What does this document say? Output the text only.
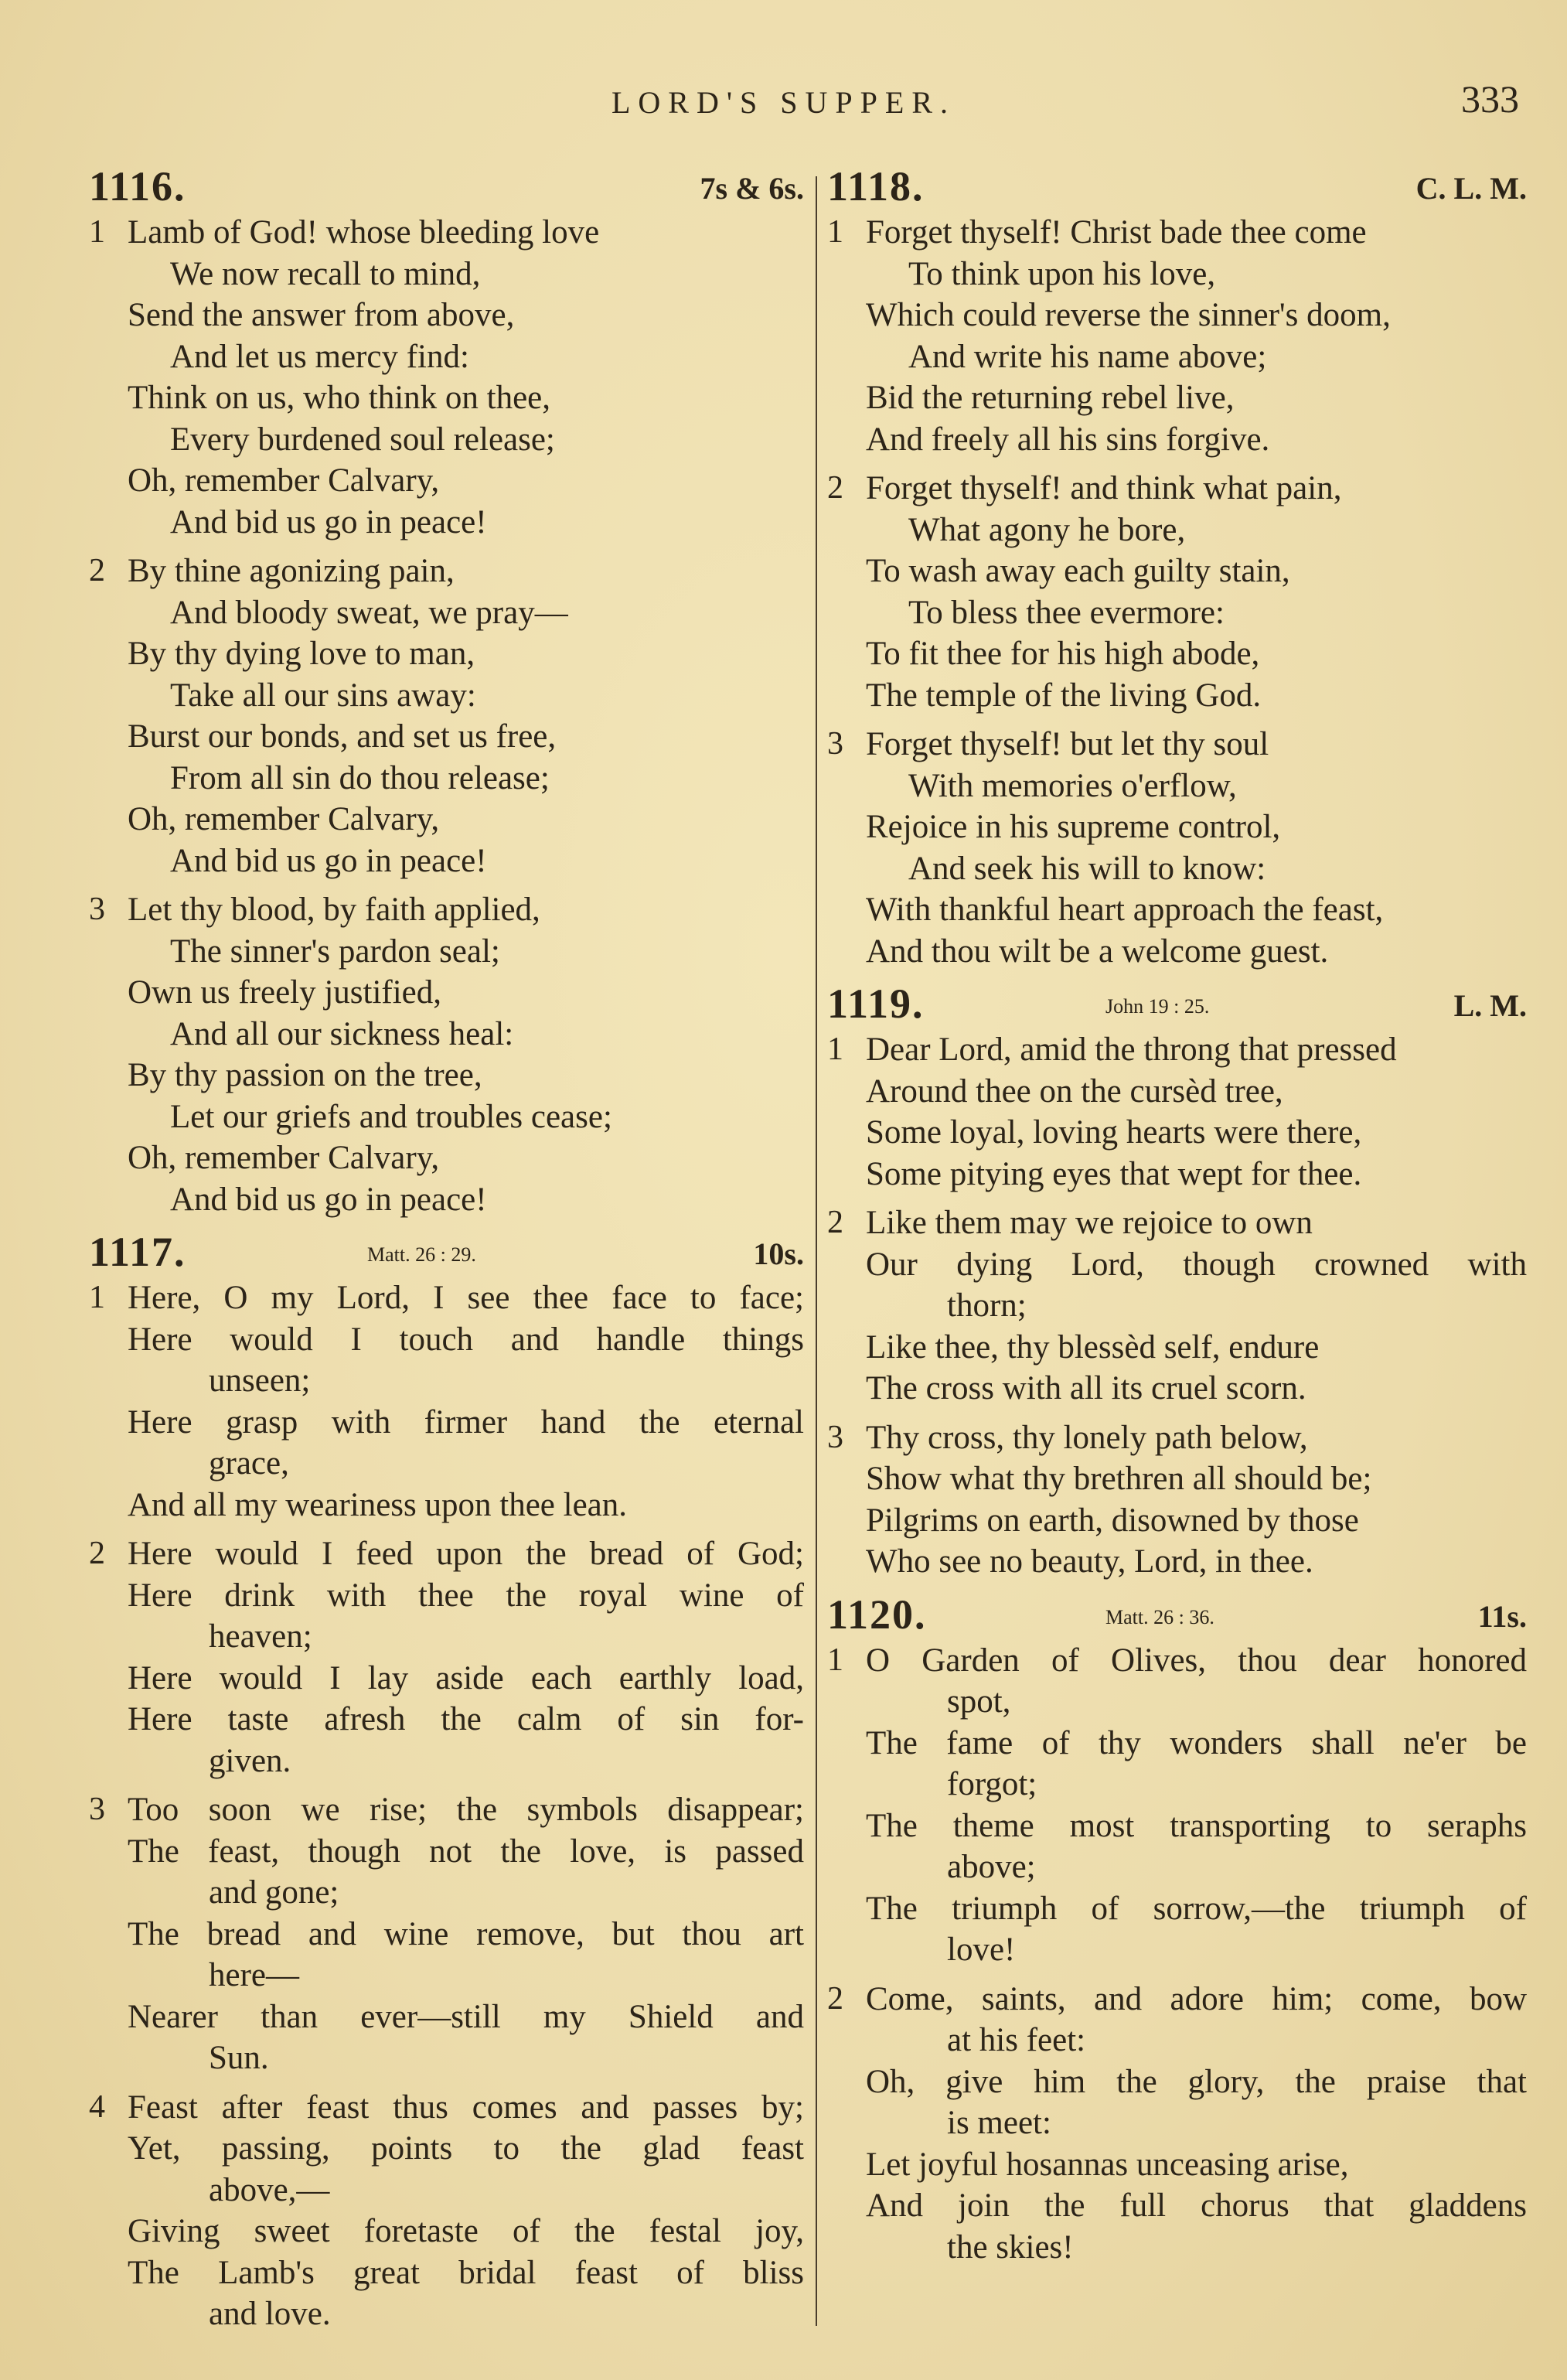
LORD'S SUPPER.	333
1116.	7s & 6s.
1 Lamb of God! whose bleeding love
We now recall to mind,
Send the answer from above,
And let us mercy find:
Think on us, who think on thee,
Every burdened soul release;
Oh, remember Calvary,
And bid us go in peace!
2 By thine agonizing pain,
And bloody sweat, we pray—
By thy dying love to man,
Take all our sins away:
Burst our bonds, and set us free,
From all sin do thou release;
Oh, remember Calvary,
And bid us go in peace!
3 Let thy blood, by faith applied,
The sinner's pardon seal;
Own us freely justified,
And all our sickness heal:
By thy passion on the tree,
Let our griefs and troubles cease;
Oh, remember Calvary,
And bid us go in peace!
1117.	Matt. 26 : 29.	10s.
1 Here, O my Lord, I see thee face to face;
Here would I touch and handle things
unseen;
Here grasp with firmer hand the eternal
grace,
And all my weariness upon thee lean.
2 Here would I feed upon the bread of God;
Here drink with thee the royal wine of
heaven;
Here would I lay aside each earthly load,
Here taste afresh the calm of sin for-
given.
3 Too soon we rise; the symbols disappear;
The feast, though not the love, is passed
and gone;
The bread and wine remove, but thou art
here—
Nearer than ever—still my Shield and
Sun.
4 Feast after feast thus comes and passes by;
Yet, passing, points to the glad feast
above,—
Giving sweet foretaste of the festal joy,
The Lamb's great bridal feast of bliss
and love.
1118.	C. L. M.
1 Forget thyself! Christ bade thee come
To think upon his love,
Which could reverse the sinner's doom,
And write his name above;
Bid the returning rebel live,
And freely all his sins forgive.
2 Forget thyself! and think what pain,
What agony he bore,
To wash away each guilty stain,
To bless thee evermore:
To fit thee for his high abode,
The temple of the living God.
3 Forget thyself! but let thy soul
With memories o'erflow,
Rejoice in his supreme control,
And seek his will to know:
With thankful heart approach the feast,
And thou wilt be a welcome guest.
1119.	John 19 : 25.	L. M.
1 Dear Lord, amid the throng that pressed
Around thee on the cursèd tree,
Some loyal, loving hearts were there,
Some pitying eyes that wept for thee.
2 Like them may we rejoice to own
Our dying Lord, though crowned with
thorn;
Like thee, thy blessèd self, endure
The cross with all its cruel scorn.
3 Thy cross, thy lonely path below,
Show what thy brethren all should be;
Pilgrims on earth, disowned by those
Who see no beauty, Lord, in thee.
1120.	Matt. 26 : 36.	11s.
1 O Garden of Olives, thou dear honored
spot,
The fame of thy wonders shall ne'er be
forgot;
The theme most transporting to seraphs
above;
The triumph of sorrow,—the triumph of
love!
2 Come, saints, and adore him; come, bow
at his feet:
Oh, give him the glory, the praise that
is meet:
Let joyful hosannas unceasing arise,
And join the full chorus that gladdens
the skies!
